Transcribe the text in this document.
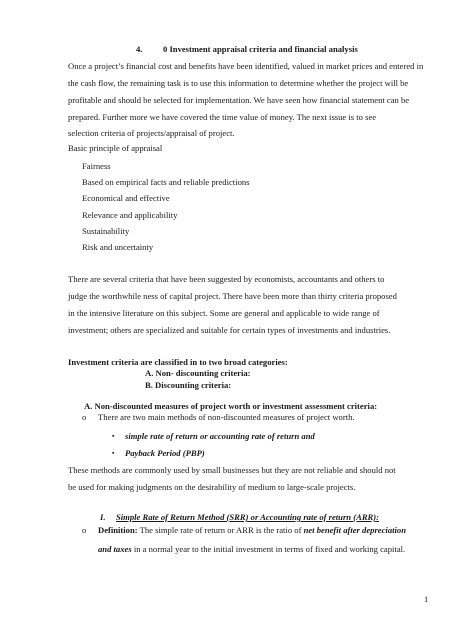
4. 0 Investment appraisal criteria and financial analysis
Once a project’s financial cost and benefits have been identified, valued in market prices and entered in
the cash flow, the remaining task is to use this information to determine whether the project will be
profitable and should be selected for implementation. We have seen how financial statement can be
prepared. Further more we have covered the time value of money. The next issue is to see
selection criteria of projects/appraisal of project.
Basic principle of appraisal
Fairness
Based on empirical facts and reliable predictions
Economical and effective
Relevance and applicability
Sustainability
Risk and uncertainty
There are several criteria that have been suggested by economists, accountants and others to
judge the worthwhile ness of capital project. There have been more than thirty criteria proposed
in the intensive literature on this subject. Some are general and applicable to wide range of
investment; others are specialized and suitable for certain types of investments and industries.
Investment criteria are classified in to two broad categories:
A. Non- discounting criteria:
B. Discounting criteria:
A. Non-discounted measures of project worth or investment assessment criteria:
o There are two main methods of non-discounted measures of project worth.
▪ simple rate of return or accounting rate of return and
▪ Payback Period (PBP)
These methods are commonly used by small businesses but they are not reliable and should not
be used for making judgments on the desirability of medium to large-scale projects.
I. Simple Rate of Return Method (SRR) or Accounting rate of return (ARR):
o Definition: The simple rate of return or ARR is the ratio of net benefit after depreciation
and taxes in a normal year to the initial investment in terms of fixed and working capital.
1
